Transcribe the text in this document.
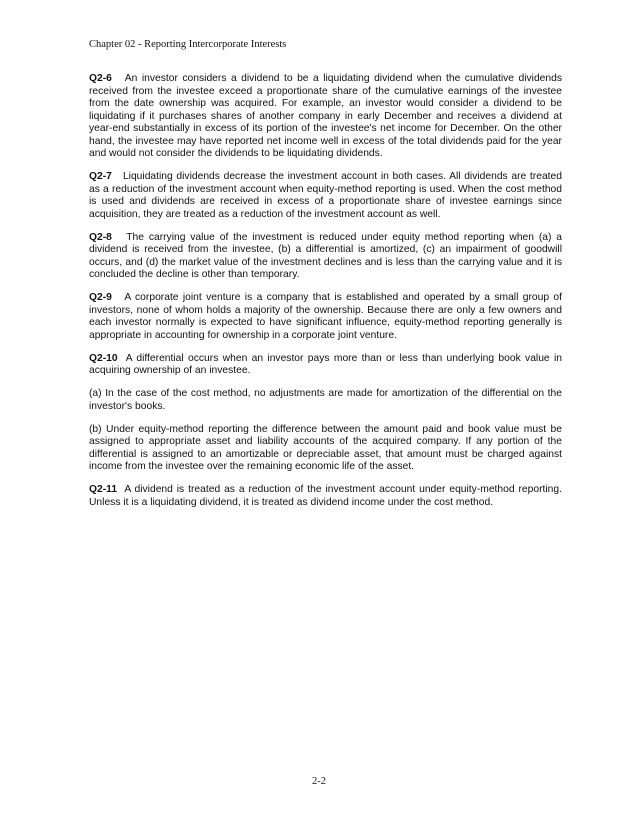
Chapter 02 - Reporting Intercorporate Interests

Q2-6 An investor considers a dividend to be a liquidating dividend when the cumulative dividends received from the investee exceed a proportionate share of the cumulative earnings of the investee from the date ownership was acquired. For example, an investor would consider a dividend to be liquidating if it purchases shares of another company in early December and receives a dividend at year-end substantially in excess of its portion of the investee's net income for December. On the other hand, the investee may have reported net income well in excess of the total dividends paid for the year and would not consider the dividends to be liquidating dividends.

Q2-7 Liquidating dividends decrease the investment account in both cases. All dividends are treated as a reduction of the investment account when equity-method reporting is used. When the cost method is used and dividends are received in excess of a proportionate share of investee earnings since acquisition, they are treated as a reduction of the investment account as well.

Q2-8 The carrying value of the investment is reduced under equity method reporting when (a) a dividend is received from the investee, (b) a differential is amortized, (c) an impairment of goodwill occurs, and (d) the market value of the investment declines and is less than the carrying value and it is concluded the decline is other than temporary.

Q2-9 A corporate joint venture is a company that is established and operated by a small group of investors, none of whom holds a majority of the ownership. Because there are only a few owners and each investor normally is expected to have significant influence, equity-method reporting generally is appropriate in accounting for ownership in a corporate joint venture.

Q2-10 A differential occurs when an investor pays more than or less than underlying book value in acquiring ownership of an investee.

(a) In the case of the cost method, no adjustments are made for amortization of the differential on the investor's books.

(b) Under equity-method reporting the difference between the amount paid and book value must be assigned to appropriate asset and liability accounts of the acquired company. If any portion of the differential is assigned to an amortizable or depreciable asset, that amount must be charged against income from the investee over the remaining economic life of the asset.

Q2-11 A dividend is treated as a reduction of the investment account under equity-method reporting. Unless it is a liquidating dividend, it is treated as dividend income under the cost method.

2-2
